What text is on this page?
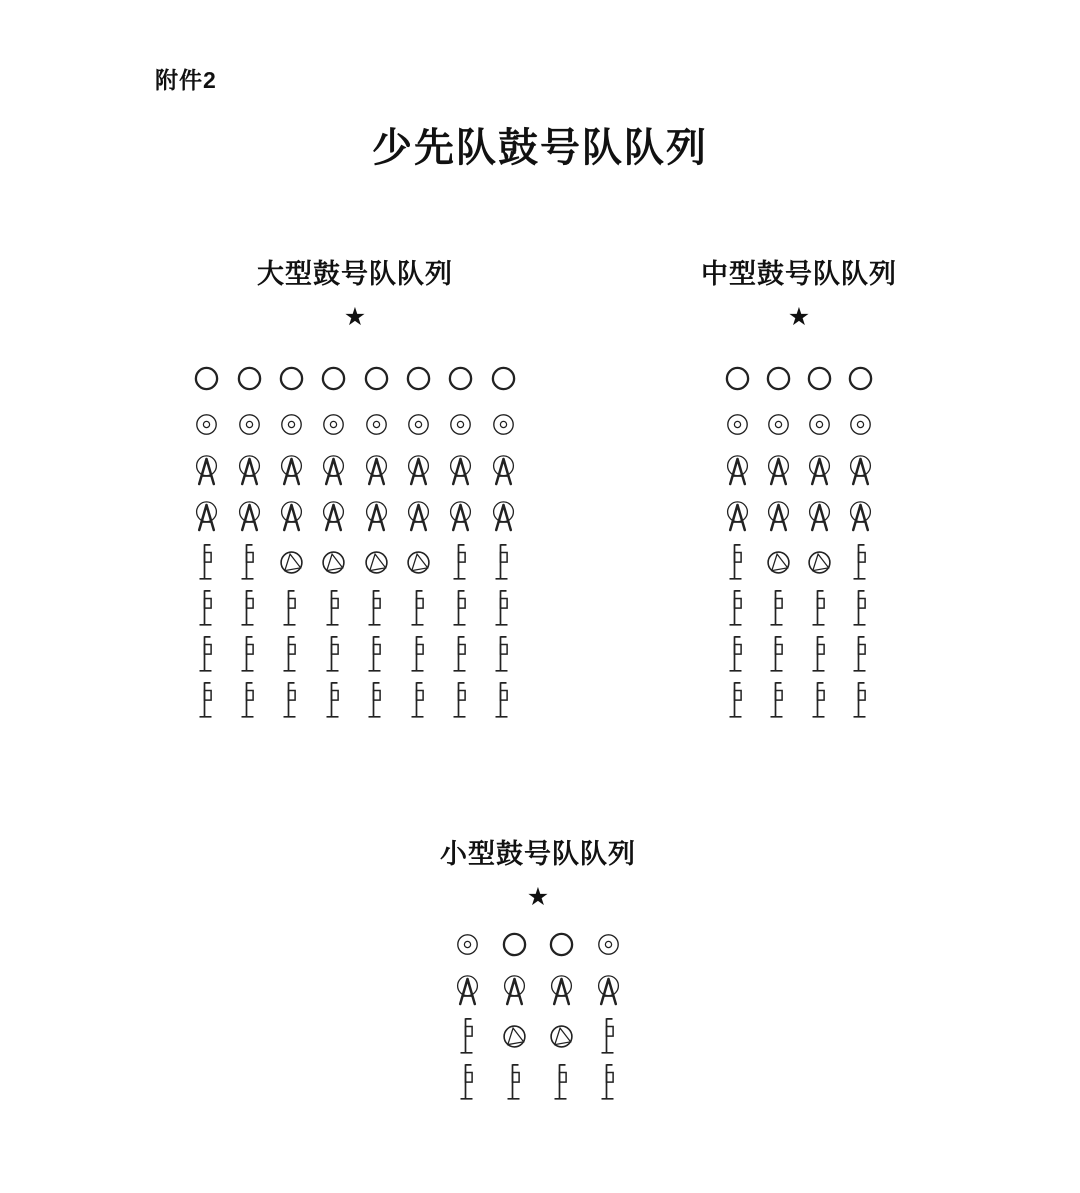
附件2
少先队鼓号队队列
大型鼓号队队列
★
中型鼓号队队列
★
小型鼓号队队列
★
